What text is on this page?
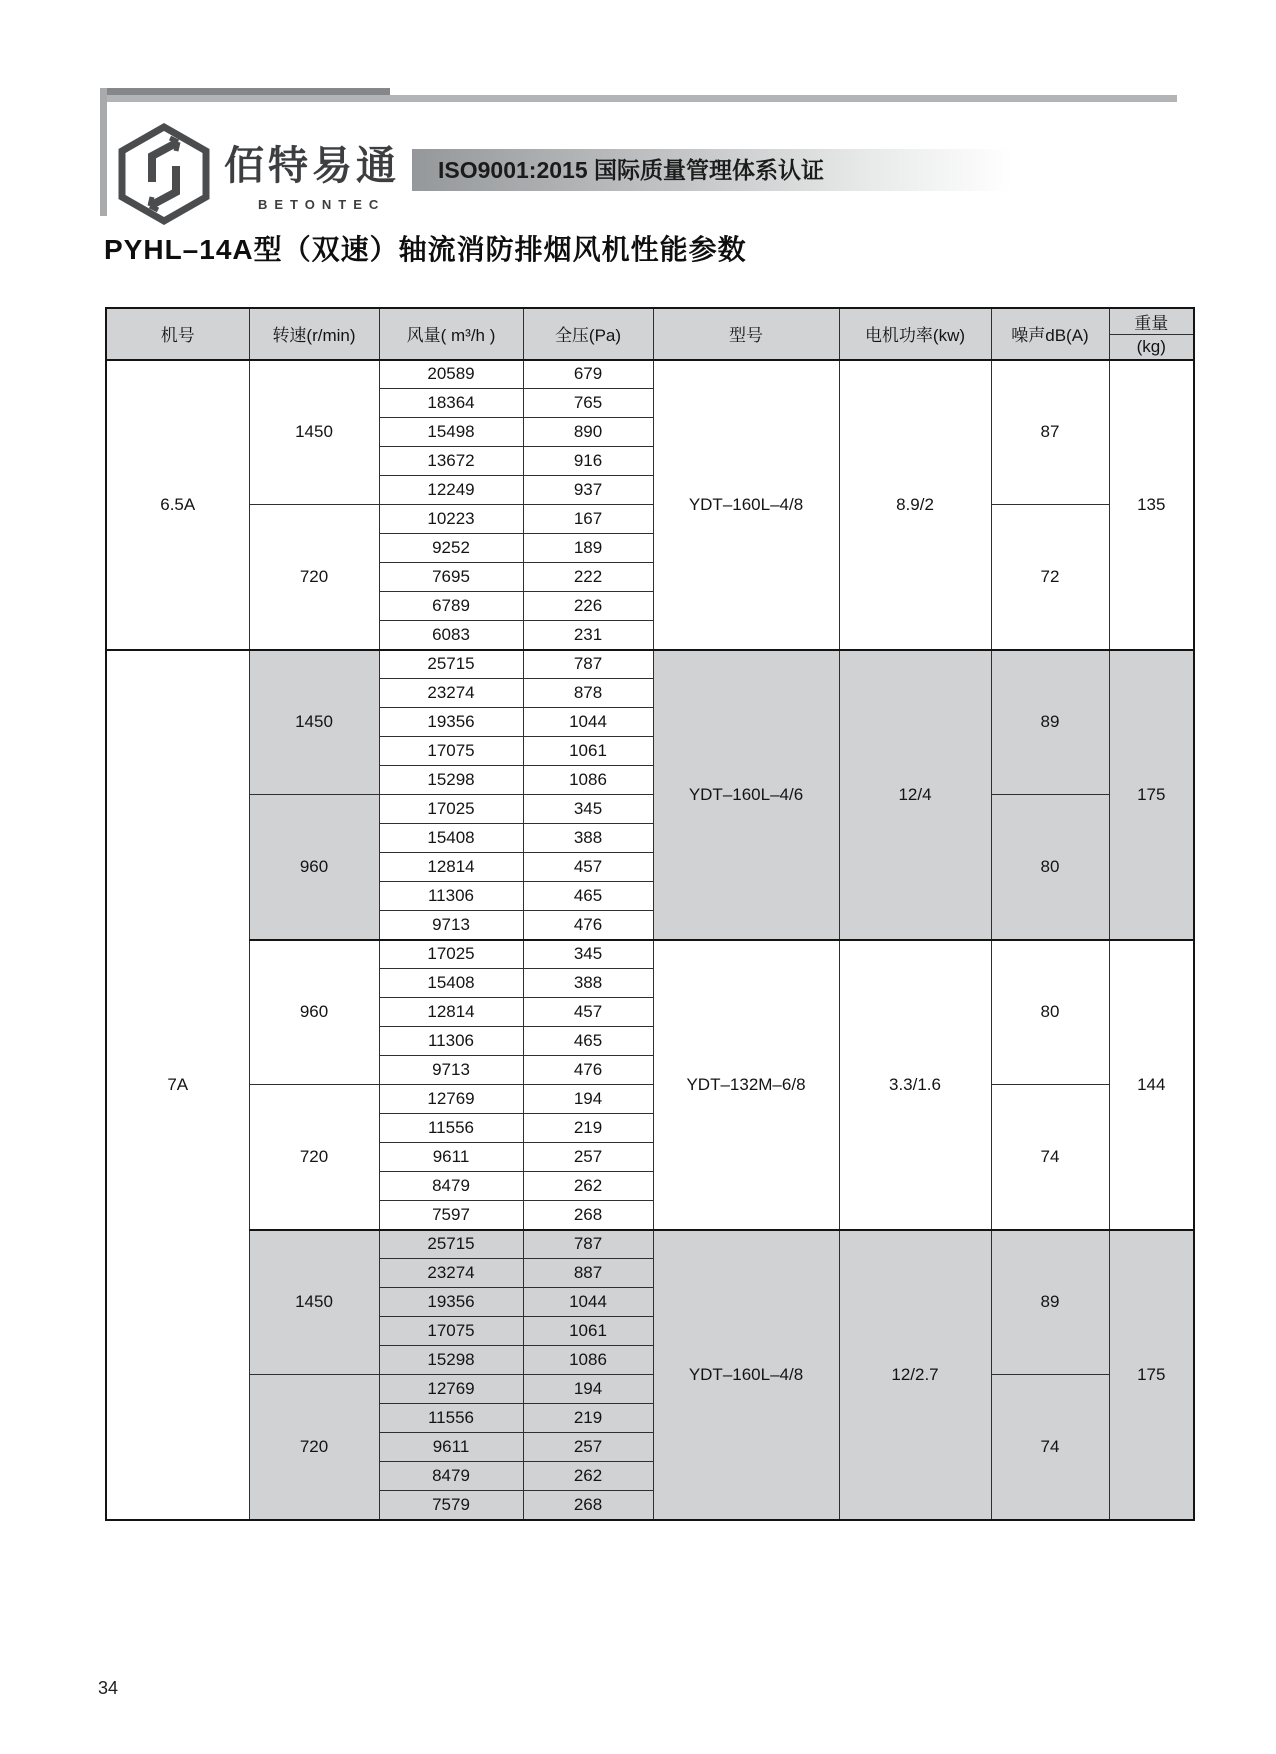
佰特易通
BETONTEC
ISO9001:2015 国际质量管理体系认证
PYHL–14A型（双速）轴流消防排烟风机性能参数
机号	转速(r/min)	风量( m³/h )	全压(Pa)	型号	电机功率(kw)	噪声dB(A)	重量
							(kg)
6.5A	1450	20589	679	YDT–160L–4/8	8.9/2	87	135
		18364	765				
		15498	890				
		13672	916				
		12249	937				
	720	10223	167			72	
		9252	189				
		7695	222				
		6789	226				
		6083	231				
7A	1450	25715	787	YDT–160L–4/6	12/4	89	175
		23274	878				
		19356	1044				
		17075	1061				
		15298	1086				
	960	17025	345			80	
		15408	388				
		12814	457				
		11306	465				
		9713	476				
	960	17025	345	YDT–132M–6/8	3.3/1.6	80	144
		15408	388				
		12814	457				
		11306	465				
		9713	476				
	720	12769	194			74	
		11556	219				
		9611	257				
		8479	262				
		7597	268				
	1450	25715	787	YDT–160L–4/8	12/2.7	89	175
		23274	887				
		19356	1044				
		17075	1061				
		15298	1086				
	720	12769	194			74	
		11556	219				
		9611	257				
		8479	262				
		7579	268				
34
